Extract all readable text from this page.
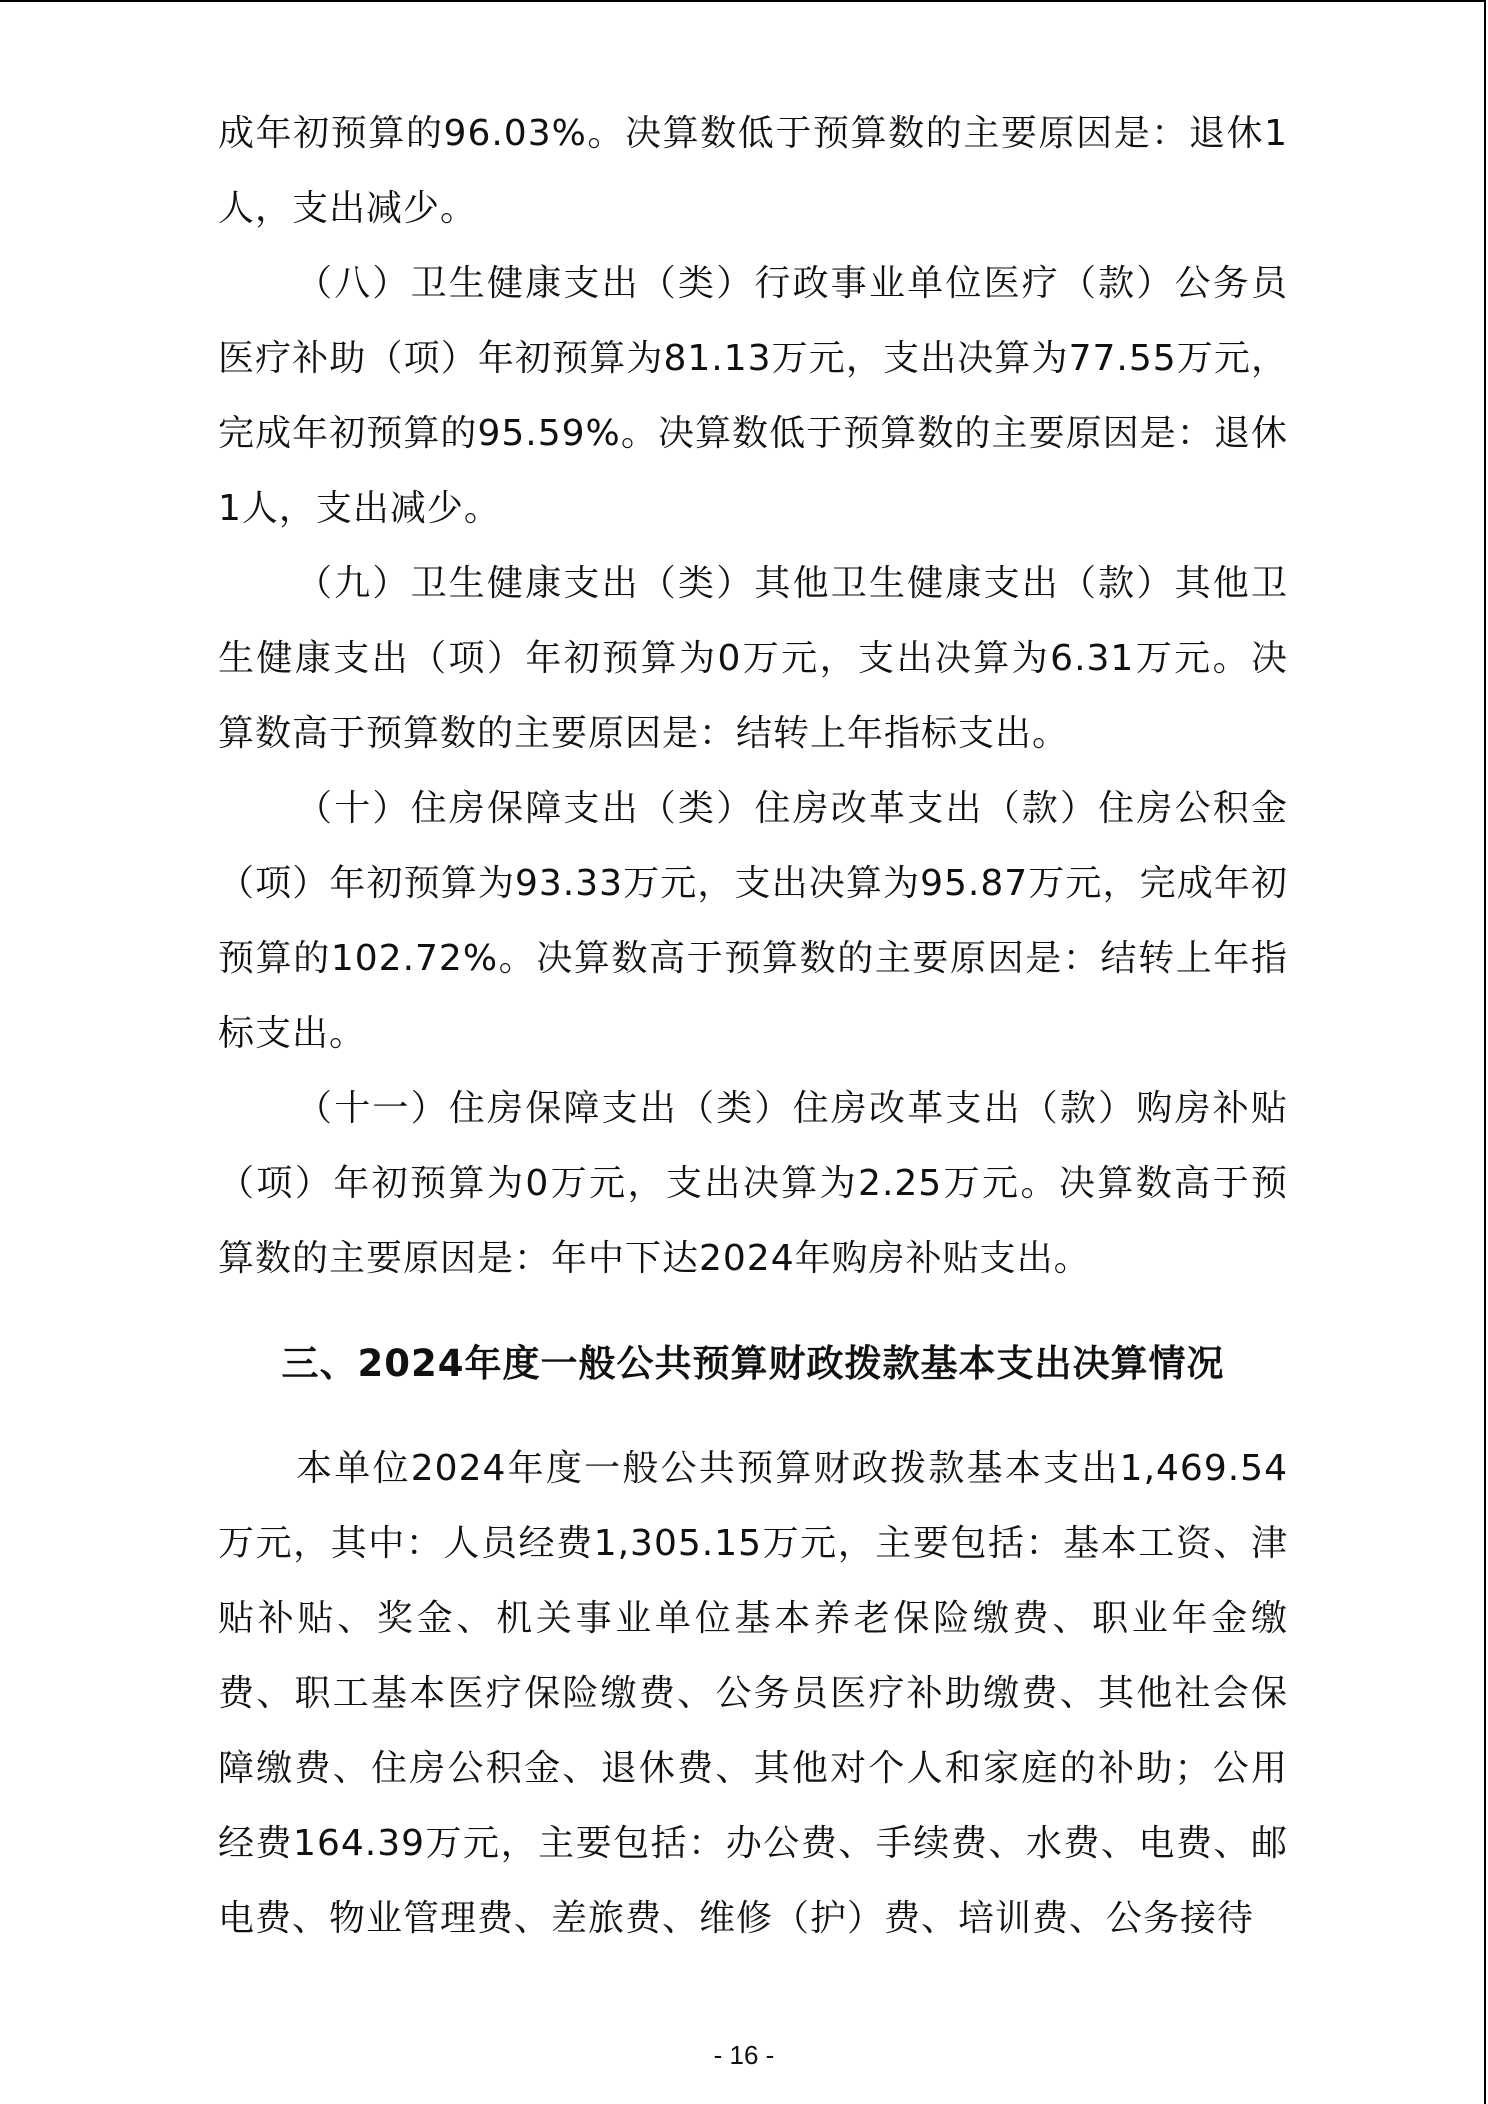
成年初预算的96.03%。决算数低于预算数的主要原因是：退休1人，支出减少。

（八）卫生健康支出（类）行政事业单位医疗（款）公务员医疗补助（项）年初预算为81.13万元，支出决算为77.55万元，完成年初预算的95.59%。决算数低于预算数的主要原因是：退休1人，支出减少。

（九）卫生健康支出（类）其他卫生健康支出（款）其他卫生健康支出（项）年初预算为0万元，支出决算为6.31万元。决算数高于预算数的主要原因是：结转上年指标支出。

（十）住房保障支出（类）住房改革支出（款）住房公积金（项）年初预算为93.33万元，支出决算为95.87万元，完成年初预算的102.72%。决算数高于预算数的主要原因是：结转上年指标支出。

（十一）住房保障支出（类）住房改革支出（款）购房补贴（项）年初预算为0万元，支出决算为2.25万元。决算数高于预算数的主要原因是：年中下达2024年购房补贴支出。

三、2024年度一般公共预算财政拨款基本支出决算情况

本单位2024年度一般公共预算财政拨款基本支出1,469.54万元，其中：人员经费1,305.15万元，主要包括：基本工资、津贴补贴、奖金、机关事业单位基本养老保险缴费、职业年金缴费、职工基本医疗保险缴费、公务员医疗补助缴费、其他社会保障缴费、住房公积金、退休费、其他对个人和家庭的补助；公用经费164.39万元，主要包括：办公费、手续费、水费、电费、邮电费、物业管理费、差旅费、维修（护）费、培训费、公务接待

- 16 -
